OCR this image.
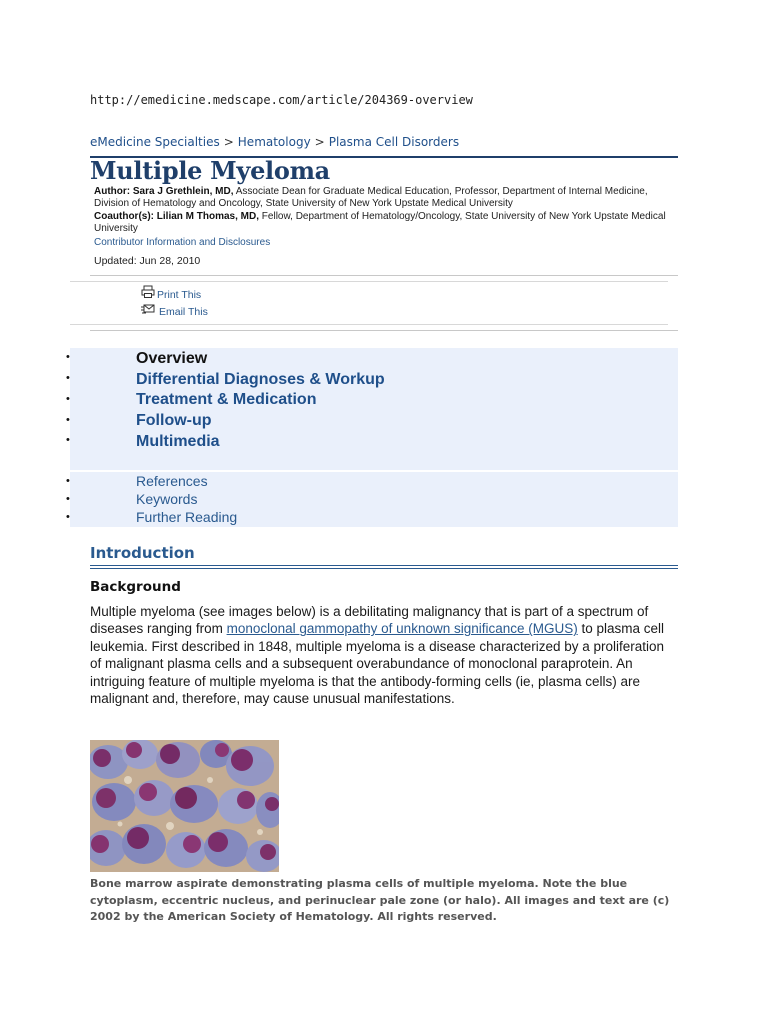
http://emedicine.medscape.com/article/204369-overview
eMedicine Specialties > Hematology > Plasma Cell Disorders
Multiple Myeloma
Author: Sara J Grethlein, MD, Associate Dean for Graduate Medical Education, Professor, Department of Internal Medicine, Division of Hematology and Oncology, State University of New York Upstate Medical University
Coauthor(s): Lilian M Thomas, MD, Fellow, Department of Hematology/Oncology, State University of New York Upstate Medical University
Contributor Information and Disclosures
Updated: Jun 28, 2010
Print This
Email This
•	Overview
•	Differential Diagnoses & Workup
•	Treatment & Medication
•	Follow-up
•	Multimedia
•	References
•	Keywords
•	Further Reading
Introduction
Background
Multiple myeloma (see images below) is a debilitating malignancy that is part of a spectrum of diseases ranging from monoclonal gammopathy of unknown significance (MGUS) to plasma cell leukemia. First described in 1848, multiple myeloma is a disease characterized by a proliferation of malignant plasma cells and a subsequent overabundance of monoclonal paraprotein. An intriguing feature of multiple myeloma is that the antibody-forming cells (ie, plasma cells) are malignant and, therefore, may cause unusual manifestations.
Bone marrow aspirate demonstrating plasma cells of multiple myeloma. Note the blue cytoplasm, eccentric nucleus, and perinuclear pale zone (or halo). All images and text are (c) 2002 by the American Society of Hematology. All rights reserved.
